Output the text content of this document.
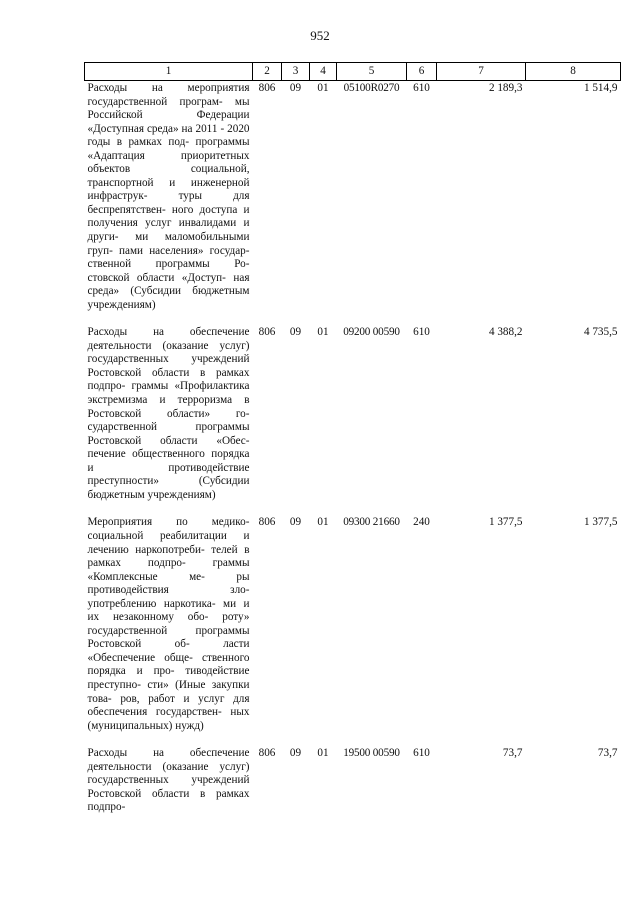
952
1	2	3	4	5	6	7	8
Расходы на мероприятия государственной програм- мы Российской Федерации «Доступная среда» на 2011 - 2020 годы в рамках под- программы «Адаптация приоритетных объектов социальной, транспортной и инженерной инфраструк- туры для беспрепятствен- ного доступа и получения услуг инвалидами и други- ми маломобильными груп- пами населения» государ- ственной программы Ро- стовской области «Доступ- ная среда» (Субсидии бюджетным учреждениям)	806	09	01	05100R0270	610	2 189,3	1 514,9
Расходы на обеспечение деятельности (оказание услуг) государственных учреждений Ростовской области в рамках подпро- граммы «Профилактика экстремизма и терроризма в Ростовской области» го- сударственной программы Ростовской области «Обес- печение общественного порядка и противодействие преступности» (Субсидии бюджетным учреждениям)	806	09	01	09200 00590	610	4 388,2	4 735,5
Мероприятия по медико- социальной реабилитации и лечению наркопотреби- телей в рамках подпро- граммы «Комплексные ме- ры противодействия зло- употреблению наркотика- ми и их незаконному обо- роту» государственной программы Ростовской об- ласти «Обеспечение обще- ственного порядка и про- тиводействие преступно- сти» (Иные закупки това- ров, работ и услуг для обеспечения государствен- ных (муниципальных) нужд)	806	09	01	09300 21660	240	1 377,5	1 377,5
Расходы на обеспечение деятельности (оказание услуг) государственных учреждений Ростовской области в рамках подпро-	806	09	01	19500 00590	610	73,7	73,7
